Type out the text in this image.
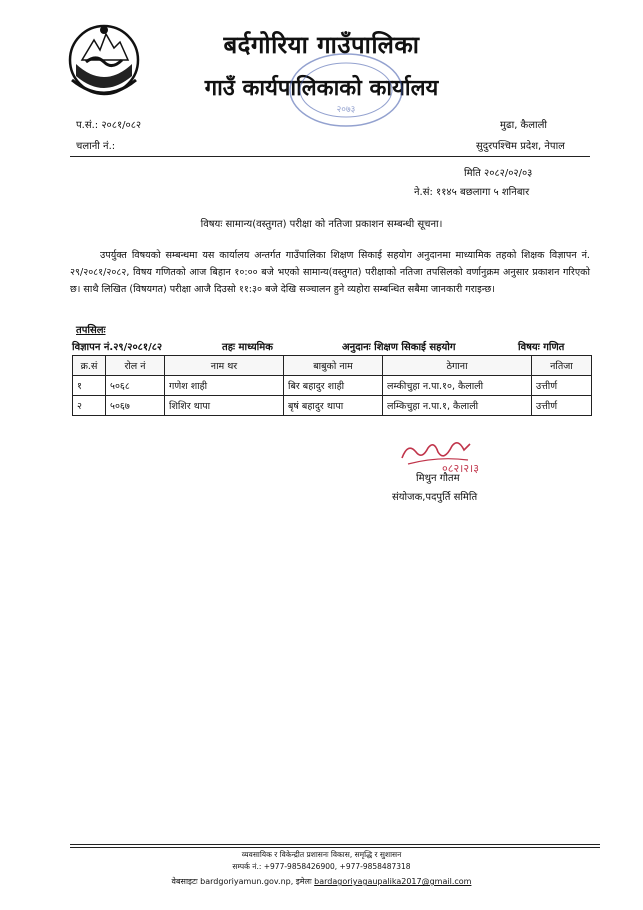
बर्दगोरिया गाउँपालिका
गाउँ कार्यपालिकाको कार्यालय
२०७३
प.सं.: २०८१/०८२
चलानी नं.:
मुढा, कैलाली
सुदुरपश्चिम प्रदेश, नेपाल
मिति २०८२/०२/०३
ने.सं: ११४५ बछलागा ५ शनिबार
विषयः सामान्य(वस्तुगत) परीक्षा को नतिजा प्रकाशन सम्बन्धी सूचना।

उपर्युक्त विषयको सम्बन्धमा यस कार्यालय अन्तर्गत गाउँपालिका शिक्षण सिकाई सहयोग अनुदानमा माध्यामिक तहको शिक्षक विज्ञापन नं. २९/२०८१/२०८२, विषय गणितको आज बिहान १०:०० बजे भएको सामान्य(वस्तुगत) परीक्षाको नतिजा तपसिलको वर्णानुक्रम अनुसार प्रकाशन गरिएको छ। साथै लिखित (विषयगत) परीक्षा आजै दिउसो ११:३० बजे देखि सञ्चालन हुने व्यहोरा सम्बन्धित सबैमा जानकारी गराइन्छ।

तपसिलः
विज्ञापन नं.२९/२०८१/८२	तहः माध्यमिक	अनुदानः शिक्षण सिकाई सहयोग	विषयः गणित
क्र.सं	रोल नं	नाम थर	बाबुको नाम	ठेगाना	नतिजा
१	५०६८	गणेश शाही	बिर बहादुर शाही	लम्कीचुहा न.पा.१०, कैलाली	उत्तीर्ण
२	५०६७	शिशिर थापा	बृषं बहादुर थापा	लम्किचुहा न.पा.१, कैलाली	उत्तीर्ण
०८२।२।३
मिथुन गौतम
संयोजक,पदपुर्ति समिति
व्यवसायिक र विकेन्द्रीत प्रशासनः विकास, समृद्धि र सुशासन
सम्पर्क नं.: +977-9858426900, +977-9858487318
वेबसाइटः bardgoriyamun.gov.np, इमेलः bardagoriyagaupalika2017@gmail.com
